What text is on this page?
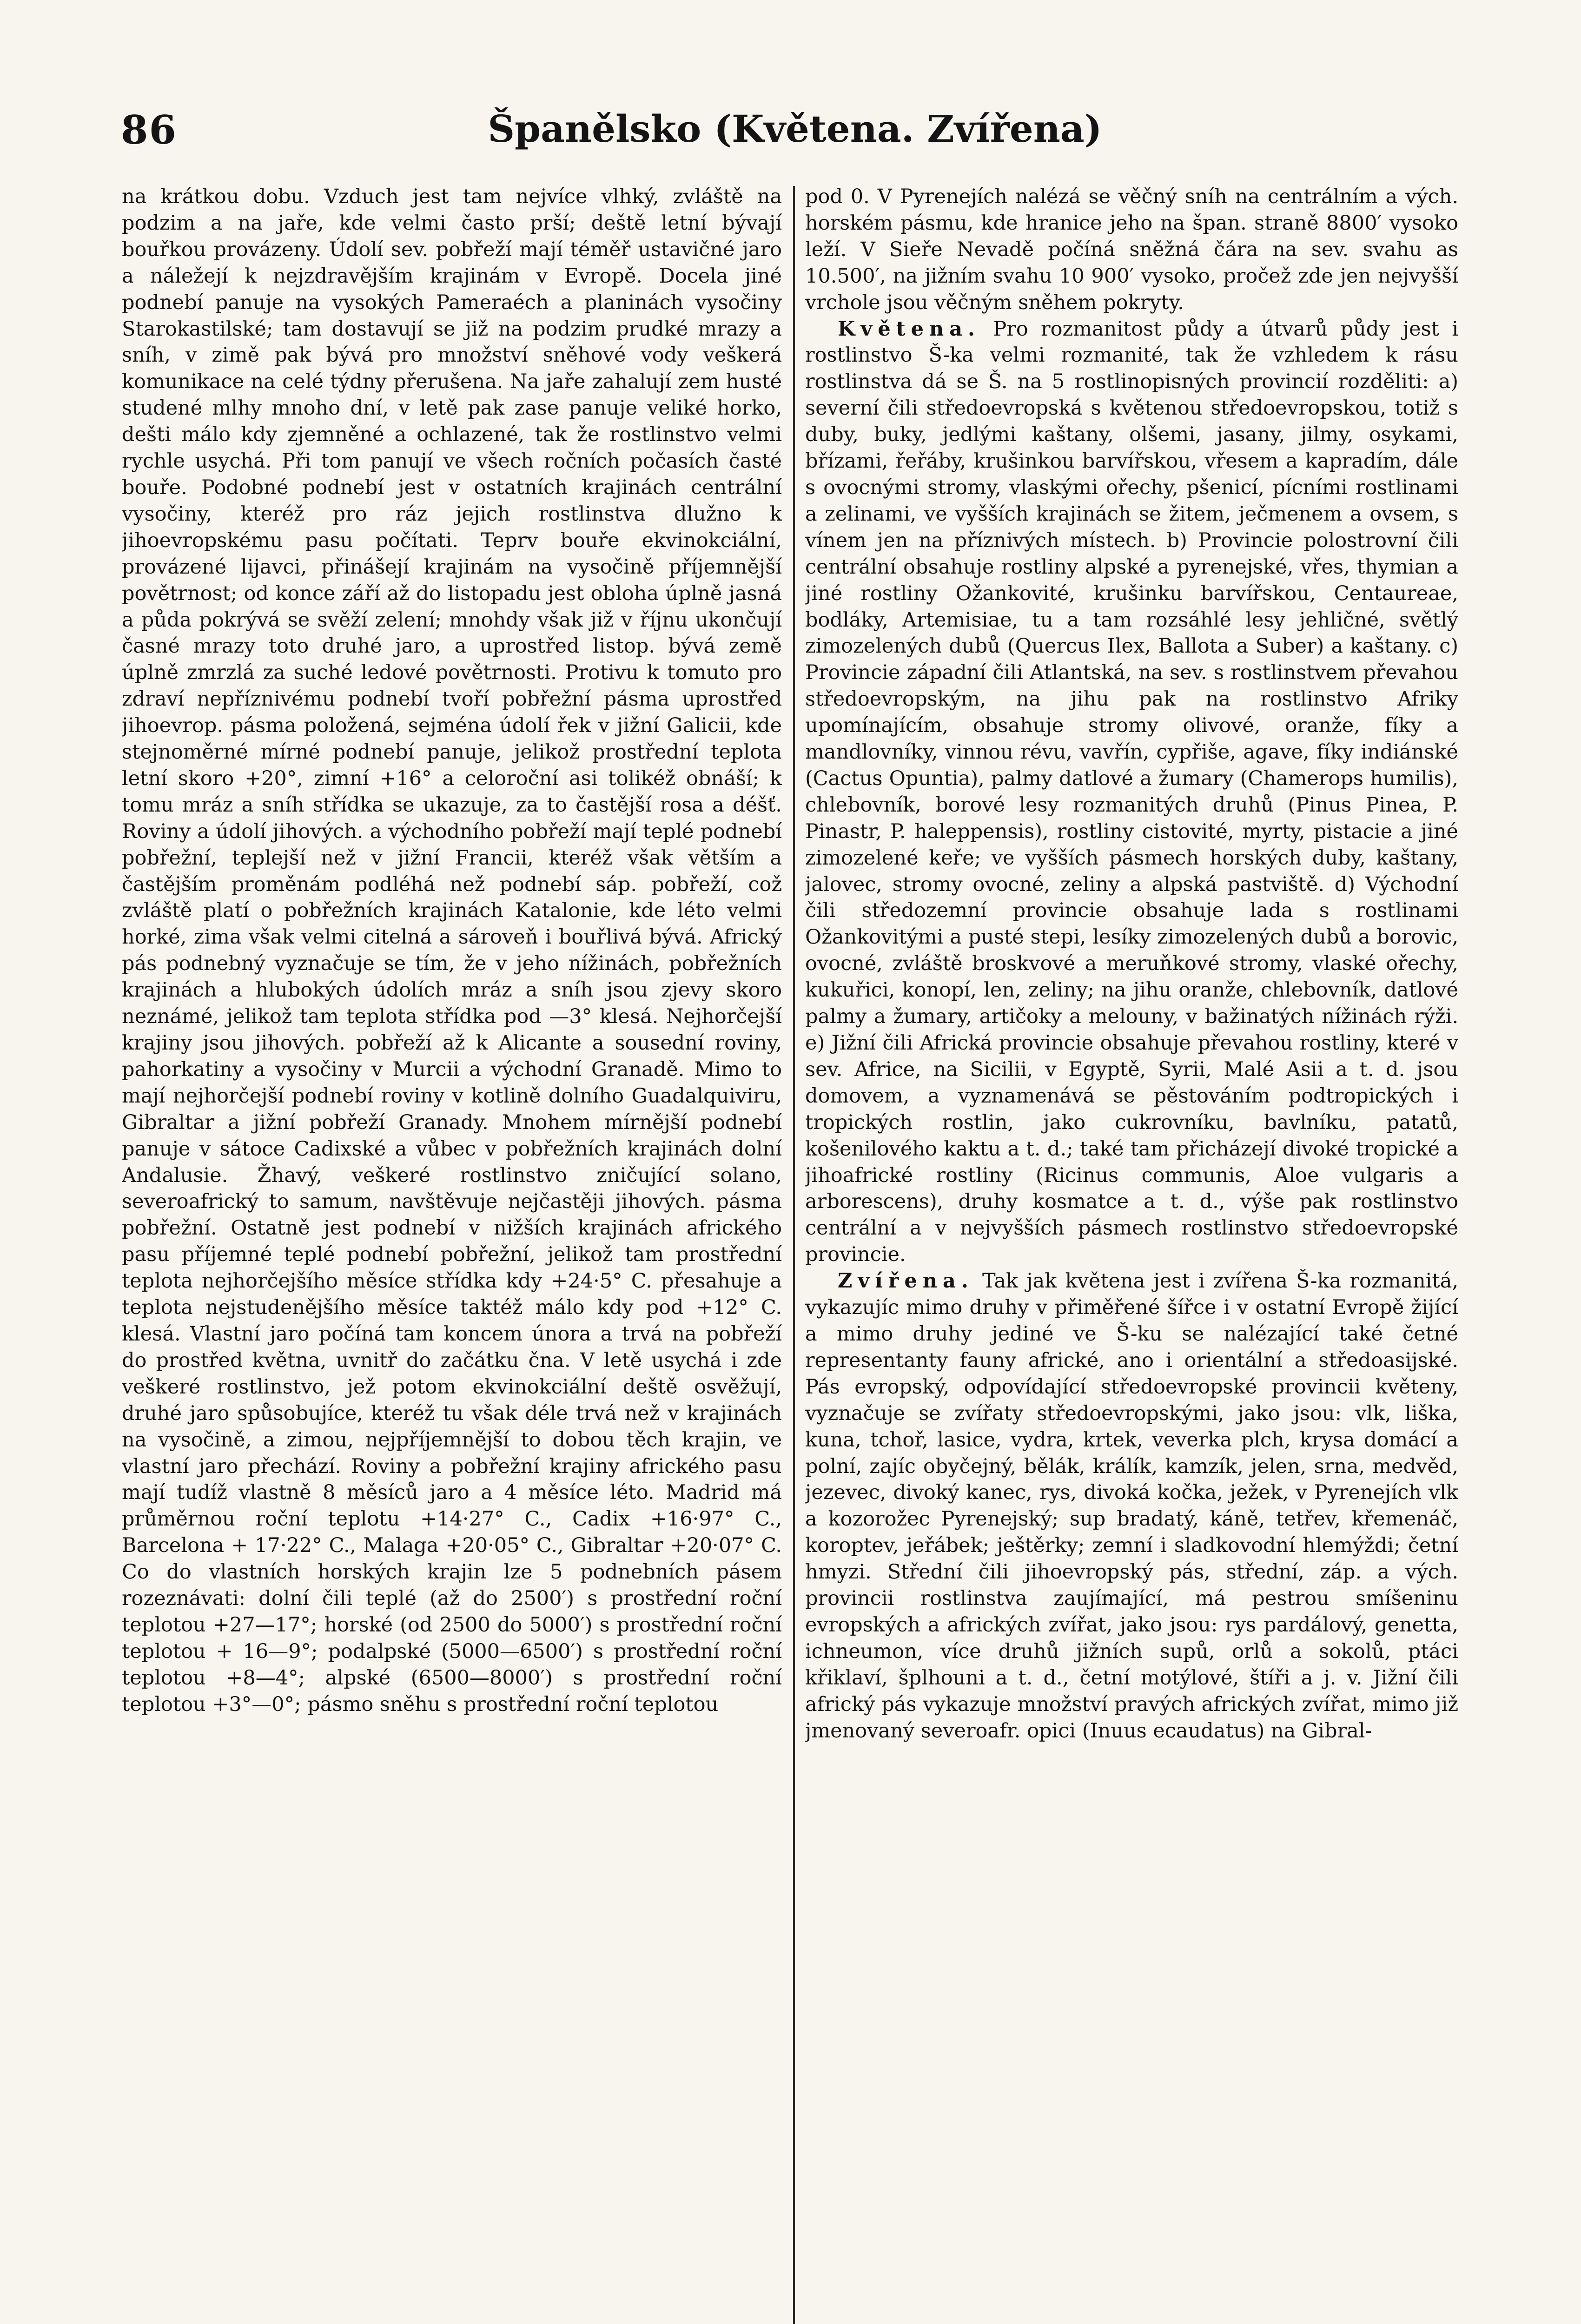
86	Španělsko (Květena. Zvířena)

na krátkou dobu. Vzduch jest tam nejvíce vlhký, zvláště na podzim a na jaře, kde velmi často prší; deště letní bývají bouřkou provázeny. Údolí sev. pobřeží mají téměř ustavičné jaro a náležejí k nejzdravějším krajinám v Evropě. Docela jiné podnebí panuje na vysokých Pameraéch a planinách vysočiny Starokastilské; tam dostavují se již na podzim prudké mrazy a sníh, v zimě pak bývá pro množství sněhové vody veškerá komunikace na celé týdny přerušena. Na jaře zahalují zem husté studené mlhy mnoho dní, v letě pak zase panuje veliké horko, dešti málo kdy zjemněné a ochlazené, tak že rostlinstvo velmi rychle usychá. Při tom panují ve všech ročních počasích časté bouře. Podobné podnebí jest v ostatních krajinách centrální vysočiny, kteréž pro ráz jejich rostlinstva dlužno k jihoevropskému pasu počítati. Teprv bouře ekvinokciální, provázené lijavci, přinášejí krajinám na vysočině příjemnější povětrnost; od konce září až do listopadu jest obloha úplně jasná a půda pokrývá se svěží zelení; mnohdy však již v říjnu ukončují časné mrazy toto druhé jaro, a uprostřed listop. bývá země úplně zmrzlá za suché ledové povětrnosti. Protivu k tomuto pro zdraví nepříznivému podnebí tvoří pobřežní pásma uprostřed jihoevrop. pásma položená, sejména údolí řek v jižní Galicii, kde stejnoměrné mírné podnebí panuje, jelikož prostřední teplota letní skoro +20°, zimní +16° a celoroční asi tolikéž obnáší; k tomu mráz a sníh střídka se ukazuje, za to častější rosa a déšť. Roviny a údolí jihových. a východního pobřeží mají teplé podnebí pobřežní, teplejší než v jižní Francii, kteréž však větším a častějším proměnám podléhá než podnebí sáp. pobřeží, což zvláště platí o pobřežních krajinách Katalonie, kde léto velmi horké, zima však velmi citelná a sároveň i bouřlivá bývá. Africký pás podnebný vyznačuje se tím, že v jeho nížinách, pobřežních krajinách a hlubokých údolích mráz a sníh jsou zjevy skoro neznámé, jelikož tam teplota střídka pod —3° klesá. Nejhorčejší krajiny jsou jihových. pobřeží až k Alicante a sousední roviny, pahorkatiny a vysočiny v Murcii a východní Granadě. Mimo to mají nejhorčejší podnebí roviny v kotlině dolního Guadalquiviru, Gibraltar a jižní pobřeží Granady. Mnohem mírnější podnebí panuje v sátoce Cadixské a vůbec v pobřežních krajinách dolní Andalusie. Žhavý, veškeré rostlinstvo zničující solano, severoafrický to samum, navštěvuje nejčastěji jihových. pásma pobřežní. Ostatně jest podnebí v nižších krajinách afrického pasu příjemné teplé podnebí pobřežní, jelikož tam prostřední teplota nejhorčejšího měsíce střídka kdy +24·5° C. přesahuje a teplota nejstudenějšího měsíce taktéž málo kdy pod +12° C. klesá. Vlastní jaro počíná tam koncem února a trvá na pobřeží do prostřed května, uvnitř do začátku čna. V letě usychá i zde veškeré rostlinstvo, jež potom ekvinokciální deště osvěžují, druhé jaro spůsobujíce, kteréž tu však déle trvá než v krajinách na vysočině, a zimou, nejpříjemnější to dobou těch krajin, ve vlastní jaro přechází. Roviny a pobřežní krajiny afrického pasu mají tudíž vlastně 8 měsíců jaro a 4 měsíce léto. Madrid má průměrnou roční teplotu +14·27° C., Cadix +16·97° C., Barcelona + 17·22° C., Malaga +20·05° C., Gibraltar +20·07° C. Co do vlastních horských krajin lze 5 podnebních pásem rozeznávati: dolní čili teplé (až do 2500′) s prostřední roční teplotou +27—17°; horské (od 2500 do 5000′) s prostřední roční teplotou + 16—9°; podalpské (5000—6500′) s prostřední roční teplotou +8—4°; alpské (6500—8000′) s prostřední roční teplotou +3°—0°; pásmo sněhu s prostřední roční teplotou

pod 0. V Pyrenejích nalézá se věčný sníh na centrálním a vých. horském pásmu, kde hranice jeho na špan. straně 8800′ vysoko leží. V Sieře Nevadě počíná sněžná čára na sev. svahu as 10.500′, na jižním svahu 10 900′ vysoko, pročež zde jen nejvyšší vrchole jsou věčným sněhem pokryty.

Květena. Pro rozmanitost půdy a útvarů půdy jest i rostlinstvo Š-ka velmi rozmanité, tak že vzhledem k rásu rostlinstva dá se Š. na 5 rostlinopisných provincií rozděliti: a) severní čili středoevropská s květenou středoevropskou, totiž s duby, buky, jedlými kaštany, olšemi, jasany, jilmy, osykami, břízami, řeřáby, krušinkou barvířskou, vřesem a kapradím, dále s ovocnými stromy, vlaskými ořechy, pšenicí, pícními rostlinami a zelinami, ve vyšších krajinách se žitem, ječmenem a ovsem, s vínem jen na příznivých místech. b) Provincie polostrovní čili centrální obsahuje rostliny alpské a pyrenejské, vřes, thymian a jiné rostliny Ožankovité, krušinku barvířskou, Centaureae, bodláky, Artemisiae, tu a tam rozsáhlé lesy jehličné, světlý zimozelených dubů (Quercus Ilex, Ballota a Suber) a kaštany. c) Provincie západní čili Atlantská, na sev. s rostlinstvem převahou středoevropským, na jihu pak na rostlinstvo Afriky upomínajícím, obsahuje stromy olivové, oranže, fíky a mandlovníky, vinnou révu, vavřín, cypřiše, agave, fíky indiánské (Cactus Opuntia), palmy datlové a žumary (Chamerops humilis), chlebovník, borové lesy rozmanitých druhů (Pinus Pinea, P. Pinastr, P. haleppensis), rostliny cistovité, myrty, pistacie a jiné zimozelené keře; ve vyšších pásmech horských duby, kaštany, jalovec, stromy ovocné, zeliny a alpská pastviště. d) Východní čili středozemní provincie obsahuje lada s rostlinami Ožankovitými a pusté stepi, lesíky zimozelených dubů a borovic, ovocné, zvláště broskvové a meruňkové stromy, vlaské ořechy, kukuřici, konopí, len, zeliny; na jihu oranže, chlebovník, datlové palmy a žumary, artičoky a melouny, v bažinatých nížinách rýži. e) Jižní čili Africká provincie obsahuje převahou rostliny, které v sev. Africe, na Sicilii, v Egyptě, Syrii, Malé Asii a t. d. jsou domovem, a vyznamenává se pěstováním podtropických i tropických rostlin, jako cukrovníku, bavlníku, patatů, košenilového kaktu a t. d.; také tam přicházejí divoké tropické a jihoafrické rostliny (Ricinus communis, Aloe vulgaris a arborescens), druhy kosmatce a t. d., výše pak rostlinstvo centrální a v nejvyšších pásmech rostlinstvo středoevropské provincie.

Zvířena. Tak jak květena jest i zvířena Š-ka rozmanitá, vykazujíc mimo druhy v přiměřené šířce i v ostatní Evropě žijící a mimo druhy jediné ve Š-ku se nalézající také četné representanty fauny africké, ano i orientální a středoasijské. Pás evropský, odpovídající středoevropské provincii květeny, vyznačuje se zvířaty středoevropskými, jako jsou: vlk, liška, kuna, tchoř, lasice, vydra, krtek, veverka plch, krysa domácí a polní, zajíc obyčejný, bělák, králík, kamzík, jelen, srna, medvěd, jezevec, divoký kanec, rys, divoká kočka, ježek, v Pyrenejích vlk a kozorožec Pyrenejský; sup bradatý, káně, tetřev, křemenáč, koroptev, jeřábek; ještěrky; zemní i sladkovodní hlemýždi; četní hmyzi. Střední čili jihoevropský pás, střední, záp. a vých. provincii rostlinstva zaujímající, má pestrou smíšeninu evropských a afrických zvířat, jako jsou: rys pardálový, genetta, ichneumon, více druhů jižních supů, orlů a sokolů, ptáci křiklaví, šplhouni a t. d., četní motýlové, štíři a j. v. Jižní čili africký pás vykazuje množství pravých afrických zvířat, mimo již jmenovaný severoafr. opici (Inuus ecaudatus) na Gibral-
